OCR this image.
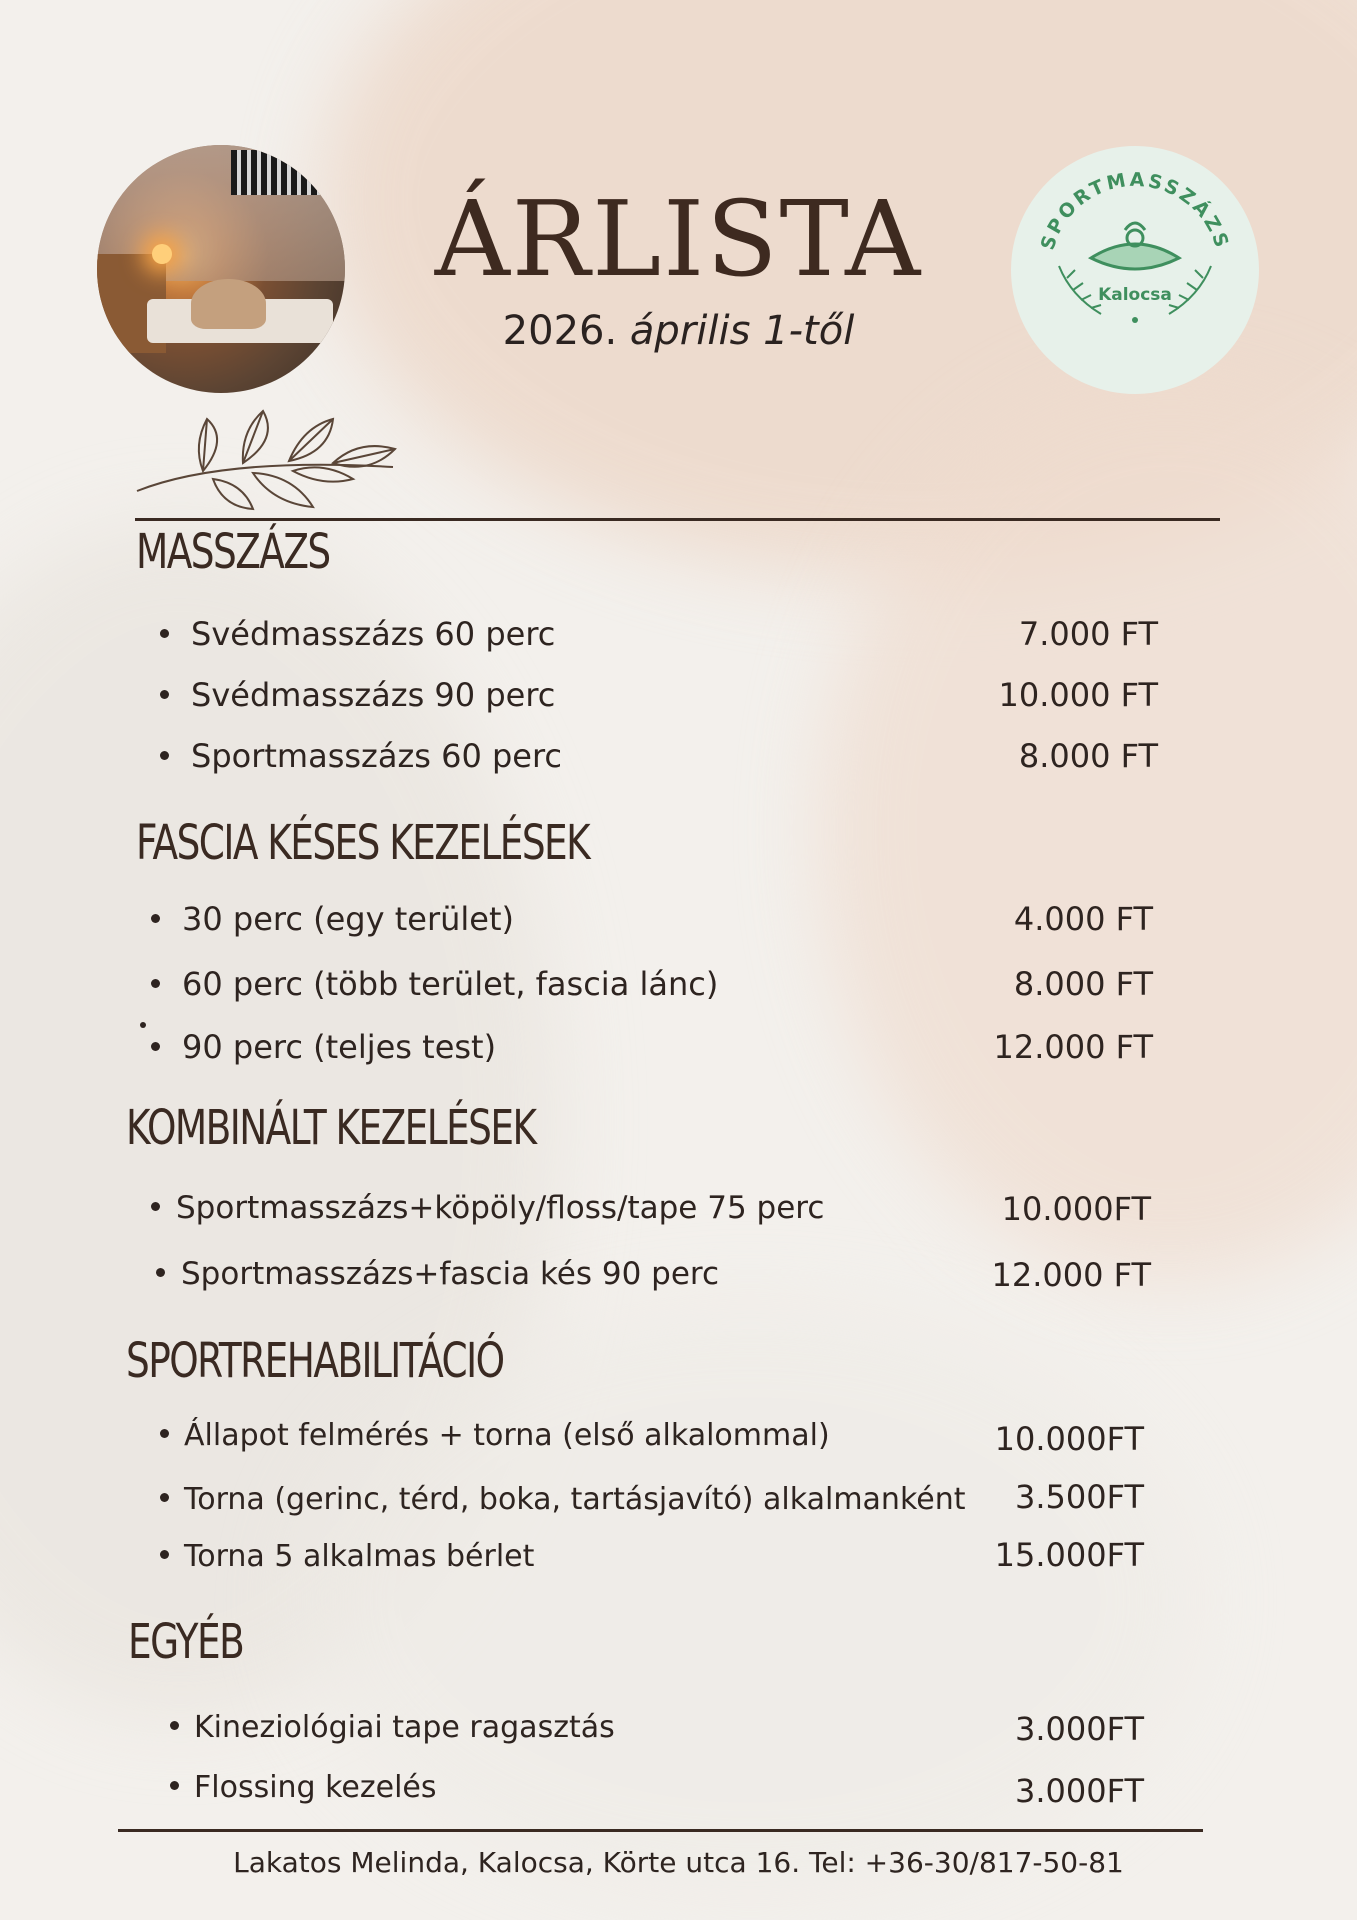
ÁRLISTA
2026. április 1-től
SPORTMASSZÁZS
Kalocsa
MASSZÁZS
Svédmasszázs 60 perc	7.000 FT
Svédmasszázs 90 perc	10.000 FT
Sportmasszázs 60 perc	8.000 FT
FASCIA KÉSES KEZELÉSEK
30 perc (egy terület)	4.000 FT
60 perc (több terület, fascia lánc)	8.000 FT
90 perc (teljes test)	12.000 FT
KOMBINÁLT KEZELÉSEK
Sportmasszázs+köpöly/floss/tape 75 perc	10.000FT
Sportmasszázs+fascia kés 90 perc	12.000 FT
SPORTREHABILITÁCIÓ
Állapot felmérés + torna (első alkalommal)	10.000FT
Torna (gerinc, térd, boka, tartásjavító) alkalmanként 3.500FT
Torna 5 alkalmas bérlet	15.000FT
EGYÉB
Kineziológiai tape ragasztás	3.000FT
Flossing kezelés	3.000FT
Lakatos Melinda, Kalocsa, Körte utca 16. Tel: +36-30/817-50-81
